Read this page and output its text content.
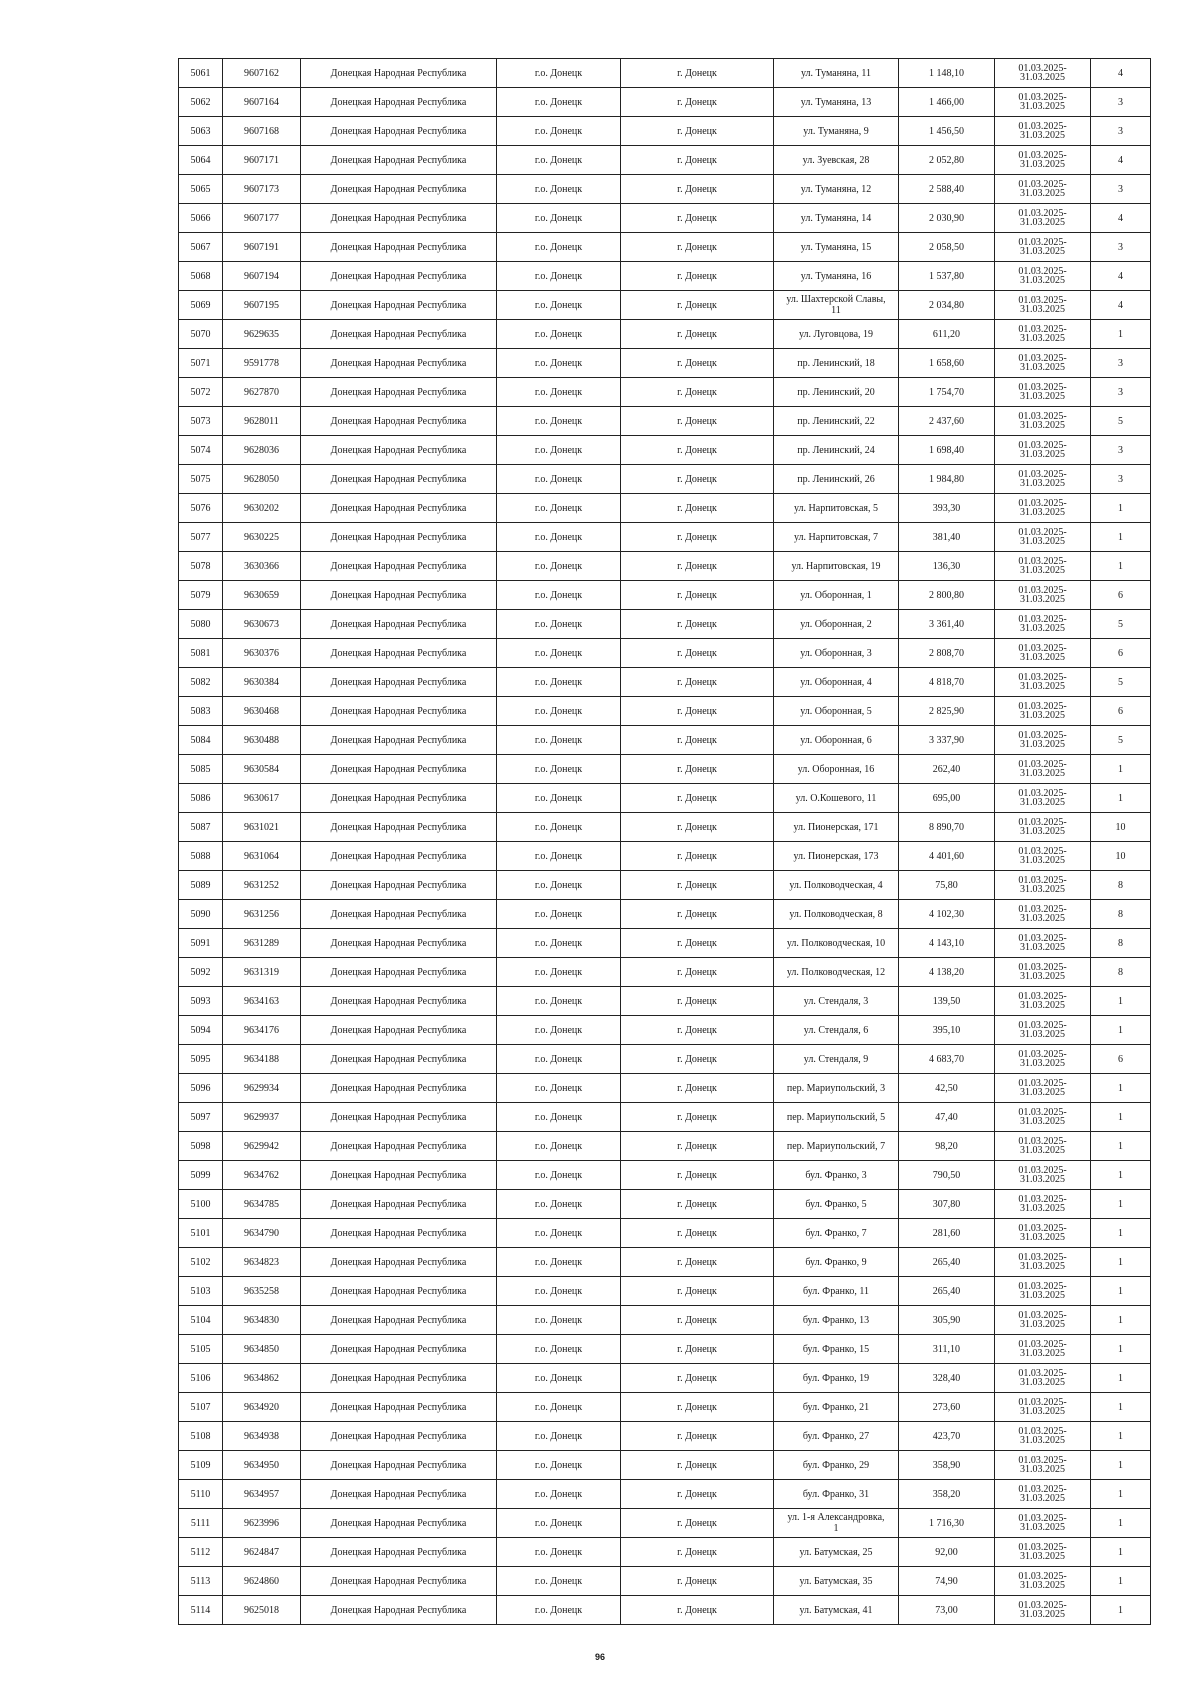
5061	9607162	Донецкая Народная Республика	г.о. Донецк	г. Донецк	ул. Туманяна, 11	1 148,10	01.03.2025-
31.03.2025	4
5062	9607164	Донецкая Народная Республика	г.о. Донецк	г. Донецк	ул. Туманяна, 13	1 466,00	01.03.2025-
31.03.2025	3
5063	9607168	Донецкая Народная Республика	г.о. Донецк	г. Донецк	ул. Туманяна, 9	1 456,50	01.03.2025-
31.03.2025	3
5064	9607171	Донецкая Народная Республика	г.о. Донецк	г. Донецк	ул. Зуевская, 28	2 052,80	01.03.2025-
31.03.2025	4
5065	9607173	Донецкая Народная Республика	г.о. Донецк	г. Донецк	ул. Туманяна, 12	2 588,40	01.03.2025-
31.03.2025	3
5066	9607177	Донецкая Народная Республика	г.о. Донецк	г. Донецк	ул. Туманяна, 14	2 030,90	01.03.2025-
31.03.2025	4
5067	9607191	Донецкая Народная Республика	г.о. Донецк	г. Донецк	ул. Туманяна, 15	2 058,50	01.03.2025-
31.03.2025	3
5068	9607194	Донецкая Народная Республика	г.о. Донецк	г. Донецк	ул. Туманяна, 16	1 537,80	01.03.2025-
31.03.2025	4
5069	9607195	Донецкая Народная Республика	г.о. Донецк	г. Донецк	ул. Шахтерской Славы,
11	2 034,80	01.03.2025-
31.03.2025	4
5070	9629635	Донецкая Народная Республика	г.о. Донецк	г. Донецк	ул. Луговцова, 19	611,20	01.03.2025-
31.03.2025	1
5071	9591778	Донецкая Народная Республика	г.о. Донецк	г. Донецк	пр. Ленинский, 18	1 658,60	01.03.2025-
31.03.2025	3
5072	9627870	Донецкая Народная Республика	г.о. Донецк	г. Донецк	пр. Ленинский, 20	1 754,70	01.03.2025-
31.03.2025	3
5073	9628011	Донецкая Народная Республика	г.о. Донецк	г. Донецк	пр. Ленинский, 22	2 437,60	01.03.2025-
31.03.2025	5
5074	9628036	Донецкая Народная Республика	г.о. Донецк	г. Донецк	пр. Ленинский, 24	1 698,40	01.03.2025-
31.03.2025	3
5075	9628050	Донецкая Народная Республика	г.о. Донецк	г. Донецк	пр. Ленинский, 26	1 984,80	01.03.2025-
31.03.2025	3
5076	9630202	Донецкая Народная Республика	г.о. Донецк	г. Донецк	ул. Нарпитовская, 5	393,30	01.03.2025-
31.03.2025	1
5077	9630225	Донецкая Народная Республика	г.о. Донецк	г. Донецк	ул. Нарпитовская, 7	381,40	01.03.2025-
31.03.2025	1
5078	3630366	Донецкая Народная Республика	г.о. Донецк	г. Донецк	ул. Нарпитовская, 19	136,30	01.03.2025-
31.03.2025	1
5079	9630659	Донецкая Народная Республика	г.о. Донецк	г. Донецк	ул. Оборонная, 1	2 800,80	01.03.2025-
31.03.2025	6
5080	9630673	Донецкая Народная Республика	г.о. Донецк	г. Донецк	ул. Оборонная, 2	3 361,40	01.03.2025-
31.03.2025	5
5081	9630376	Донецкая Народная Республика	г.о. Донецк	г. Донецк	ул. Оборонная, 3	2 808,70	01.03.2025-
31.03.2025	6
5082	9630384	Донецкая Народная Республика	г.о. Донецк	г. Донецк	ул. Оборонная, 4	4 818,70	01.03.2025-
31.03.2025	5
5083	9630468	Донецкая Народная Республика	г.о. Донецк	г. Донецк	ул. Оборонная, 5	2 825,90	01.03.2025-
31.03.2025	6
5084	9630488	Донецкая Народная Республика	г.о. Донецк	г. Донецк	ул. Оборонная, 6	3 337,90	01.03.2025-
31.03.2025	5
5085	9630584	Донецкая Народная Республика	г.о. Донецк	г. Донецк	ул. Оборонная, 16	262,40	01.03.2025-
31.03.2025	1
5086	9630617	Донецкая Народная Республика	г.о. Донецк	г. Донецк	ул. О.Кошевого, 11	695,00	01.03.2025-
31.03.2025	1
5087	9631021	Донецкая Народная Республика	г.о. Донецк	г. Донецк	ул. Пионерская, 171	8 890,70	01.03.2025-
31.03.2025	10
5088	9631064	Донецкая Народная Республика	г.о. Донецк	г. Донецк	ул. Пионерская, 173	4 401,60	01.03.2025-
31.03.2025	10
5089	9631252	Донецкая Народная Республика	г.о. Донецк	г. Донецк	ул. Полководческая, 4	75,80	01.03.2025-
31.03.2025	8
5090	9631256	Донецкая Народная Республика	г.о. Донецк	г. Донецк	ул. Полководческая, 8	4 102,30	01.03.2025-
31.03.2025	8
5091	9631289	Донецкая Народная Республика	г.о. Донецк	г. Донецк	ул. Полководческая, 10	4 143,10	01.03.2025-
31.03.2025	8
5092	9631319	Донецкая Народная Республика	г.о. Донецк	г. Донецк	ул. Полководческая, 12	4 138,20	01.03.2025-
31.03.2025	8
5093	9634163	Донецкая Народная Республика	г.о. Донецк	г. Донецк	ул. Стендаля, 3	139,50	01.03.2025-
31.03.2025	1
5094	9634176	Донецкая Народная Республика	г.о. Донецк	г. Донецк	ул. Стендаля, 6	395,10	01.03.2025-
31.03.2025	1
5095	9634188	Донецкая Народная Республика	г.о. Донецк	г. Донецк	ул. Стендаля, 9	4 683,70	01.03.2025-
31.03.2025	6
5096	9629934	Донецкая Народная Республика	г.о. Донецк	г. Донецк	пер. Мариупольский, 3	42,50	01.03.2025-
31.03.2025	1
5097	9629937	Донецкая Народная Республика	г.о. Донецк	г. Донецк	пер. Мариупольский, 5	47,40	01.03.2025-
31.03.2025	1
5098	9629942	Донецкая Народная Республика	г.о. Донецк	г. Донецк	пер. Мариупольский, 7	98,20	01.03.2025-
31.03.2025	1
5099	9634762	Донецкая Народная Республика	г.о. Донецк	г. Донецк	бул. Франко, 3	790,50	01.03.2025-
31.03.2025	1
5100	9634785	Донецкая Народная Республика	г.о. Донецк	г. Донецк	бул. Франко, 5	307,80	01.03.2025-
31.03.2025	1
5101	9634790	Донецкая Народная Республика	г.о. Донецк	г. Донецк	бул. Франко, 7	281,60	01.03.2025-
31.03.2025	1
5102	9634823	Донецкая Народная Республика	г.о. Донецк	г. Донецк	бул. Франко, 9	265,40	01.03.2025-
31.03.2025	1
5103	9635258	Донецкая Народная Республика	г.о. Донецк	г. Донецк	бул. Франко, 11	265,40	01.03.2025-
31.03.2025	1
5104	9634830	Донецкая Народная Республика	г.о. Донецк	г. Донецк	бул. Франко, 13	305,90	01.03.2025-
31.03.2025	1
5105	9634850	Донецкая Народная Республика	г.о. Донецк	г. Донецк	бул. Франко, 15	311,10	01.03.2025-
31.03.2025	1
5106	9634862	Донецкая Народная Республика	г.о. Донецк	г. Донецк	бул. Франко, 19	328,40	01.03.2025-
31.03.2025	1
5107	9634920	Донецкая Народная Республика	г.о. Донецк	г. Донецк	бул. Франко, 21	273,60	01.03.2025-
31.03.2025	1
5108	9634938	Донецкая Народная Республика	г.о. Донецк	г. Донецк	бул. Франко, 27	423,70	01.03.2025-
31.03.2025	1
5109	9634950	Донецкая Народная Республика	г.о. Донецк	г. Донецк	бул. Франко, 29	358,90	01.03.2025-
31.03.2025	1
5110	9634957	Донецкая Народная Республика	г.о. Донецк	г. Донецк	бул. Франко, 31	358,20	01.03.2025-
31.03.2025	1
5111	9623996	Донецкая Народная Республика	г.о. Донецк	г. Донецк	ул. 1-я Александровка,
1	1 716,30	01.03.2025-
31.03.2025	1
5112	9624847	Донецкая Народная Республика	г.о. Донецк	г. Донецк	ул. Батумская, 25	92,00	01.03.2025-
31.03.2025	1
5113	9624860	Донецкая Народная Республика	г.о. Донецк	г. Донецк	ул. Батумская, 35	74,90	01.03.2025-
31.03.2025	1
5114	9625018	Донецкая Народная Республика	г.о. Донецк	г. Донецк	ул. Батумская, 41	73,00	01.03.2025-
31.03.2025	1
96
